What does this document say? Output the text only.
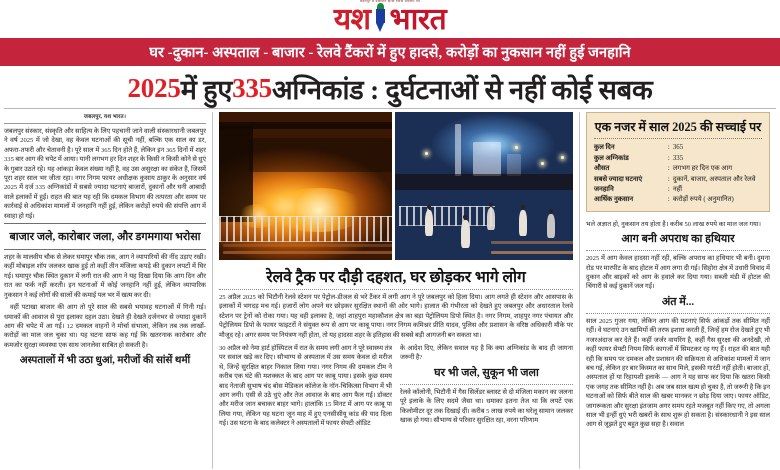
जबलपुर से प्रकाशित हिन्दी दैनिक समाचार पत्र
यश भारत
घर -दुकान- अस्पताल - बाजार - रेलवे टैंकरों में हुए हादसे, करोड़ों का नुकसान नहीं हुई जनहानि
2025 में हुए 335 अग्निकांड : दुर्घटनाओं से नहीं कोई सबक
जबलपुर, यश भारत।

जबलपुर संस्कार, संस्कृति और साहित्य के लिए पहचानी जाने वाली संस्कारधानी जबलपुर ने वर्ष 2025 में जो देखा, वह केवल घटनाओं की सूची नहीं, बल्कि एक साल का डर, अफरा-तफरी और चेतावनी है। पूरे साल में 365 दिन होते हैं, लेकिन इन 365 दिनों में शहर 335 बार आग की चपेट में आया। यानी लगभग हर दिन शहर के किसी न किसी कोने से धुएं के गुबार उठते रहे। यह आंकड़ा केवल संख्या नहीं है, वह उस असुरक्षा का संकेत है, जिसमें पूरा शहर साल भर जीता रहा। नगर निगम फायर अधीक्षक कुसाय ठाकुर के अनुसार वर्ष 2025 में दर्ज 335 अग्निकांडों में सबसे ज्यादा घटनाएं बाजारों, दुकानों और घनी आबादी वाले इलाकों में हुईं। राहत की बात यह रही कि दमकल विभाग की तत्परता और समय पर कार्रवाई से अधिकांश मामलों में जनहानि नहीं हुई, लेकिन करोड़ों रुपये की संपत्ति आग में स्वाहा हो गई।

बाजार जले, कारोबार जला, और डगमगाया भरोसा

शहर के मालवीय चौक से लेकर घमापुर चौक तक, आग ने व्यापारियों की नींद उड़ाए रखी। कहीं मोबाइल शॉप जलकर खाक हुई तो कहीं तीन मंजिला कपड़े की दुकान लपटों में घिर गई। घमापुर चौक स्थित दुकान में लगी रात की आग ने यह दिखा दिया कि आग दिन और रात का फर्क नहीं करती। इन घटनाओं में कोई जनहानि नहीं हुई, लेकिन व्यापारिक नुकसान ने कई लोगों की सालों की कमाई पल भर में खत्म कर दी।

वहीं पटाखा बाजार की आग तो पूरे साल की सबसे भयावह घटनाओं में गिनी गई। धमाकों की आवाज से पूरा इलाका दहल उठा। देखते ही देखते दर्जनभर से ज्यादा दुकानें आग की चपेट में आ गईं। 12 दमकल वाहनों ने मोर्चा संभाला, लेकिन तब तक लाखों-करोड़ों का माल जल चुका था। यह घटना साफ कह गई कि खतरनाक कारोबार और कमजोर सुरक्षा व्यवस्था एक साथ जानलेवा साबित हो सकती है।

अस्पतालों में भी उठा धुआं, मरीजों की सांसें थमीं
रेलवे ट्रैक पर दौड़ी दहशत, घर छोड़कर भागे लोग

25 अप्रैल 2025 को भिटौनी रेलवे स्टेशन पर पेट्रोल-डीजल से भरे टैंकर में लगी आग ने पूरे जबलपुर को हिला दिया। आग लगते ही स्टेशन और आसपास के इलाकों में भगदड़ मच गई। हजारों लोग अपने घर छोड़कर सुरक्षित स्थानों की ओर भागे। हालात की गंभीरता को देखते हुए जबलपुर और अधारताल रेलवे स्टेशन पर ट्रेनों को रोका गया। यह वही इलाका है, जहां शाहपुरा महाकौशल क्षेत्र का बड़ा पेट्रोलियम डिपो स्थित है। नगर निगम, शाहपुर नगर पंचायत और पेट्रोलियम डिपो के फायर फाइटरों ने संयुक्त रूप से आग पर काबू पाया। नगर निगम कमिश्नर प्रीति यादव, पुलिस और प्रशासन के वरिष्ठ अधिकारी मौके पर मौजूद रहे। अगर समय पर नियंत्रण नहीं होता, तो यह हादसा शहर के इतिहास की सबसे बड़ी आगजनी बन सकता था।

30 अप्रैल को नेमा हार्ट हॉस्पिटल में रात के समय लगी आग ने पूरे स्वास्थ्य तंत्र पर सवाल खड़े कर दिए। सौभाग्य से अस्पताल में उस समय केवल दो मरीज थे, जिन्हें सुरक्षित बाहर निकाल लिया गया। नगर निगम की दमकल टीम ने करीब एक घंटे की मशक्कत के बाद आग पर काबू पाया। इसके कुछ समय बाद नेताजी सुभाष चंद बोस मेडिकल कॉलेज के नॉन-चिकित्सा विभाग में भी आग लगी। एसी से उठे धुएं और तेज आवाज के बाद आग फैल गई। डॉक्टर और मरीज जान बचाकर बाहर भागे। हालांकि 15 मिनट में आग पर काबू पा लिया गया, लेकिन यह घटना जून माह में हुए एनसीसीयू कांड की याद दिला गई। उस घटना के बाद कलेक्टर ने अस्पतालों में फायर सेफ्टी ऑडिट

के आदेश दिए, लेकिन सवाल यह है कि क्या अग्निकांड के बाद ही जागना जरूरी है?

घर भी जले, सुकून भी जला

रेलवे कॉलोनी, भिटौनी में गैस सिलेंडर ब्लास्ट से दो मंजिला मकान का जलना पूरे इलाके के लिए सदमे जैसा था। धमाका इतना तेज था कि लपटें एक किलोमीटर दूर तक दिखाई दीं। करीब 5 लाख रुपये का घरेलू सामान जलकर खाक हो गया। सौभाग्य से परिवार सुरक्षित रहा, वरना परिणाम

एक नजर में साल 2025 की सच्चाई पर
कुल दिन	:	365
कुल अग्निकांड	:	335
औसत	:	लगभग हर दिन एक आग
सबसे ज्यादा घटनाएं	:	दुकानें, बाजार, अस्पताल और रेलवे
जनहानि	:	नहीं
आर्थिक नुकसान	:	करोड़ों रुपये ( अनुमानित)
भले अज्ञात हो, नुकसान तय होता है। करीब 50 लाख रुपये का माल जल गया।
आग बनी अपराध का हथियार

2025 में आग केवल हादसा नहीं रही, बल्कि अपराध का हथियार भी बनी। दुमना रोड पर मारपीट के बाद होटल में आग लगा दी गई। सिहोरा क्षेत्र में उधारी विवाद में दुकान और बाइकों को आग के हवाले कर दिया गया। सब्जी मंडी में होटल की चिंगारी से कई दुकानें जल गईं।

अंत में...

साल 2025 गुजर गया, लेकिन आग की घटनाएं सिर्फ आंकड़ों तक सीमित नहीं रहीं। वे घटनाएं उन खामियों की तरफ इशारा करती हैं, जिन्हें हम रोज देखते हुए भी नजरअंदाज कर देते हैं। कहीं जर्जर वायरिंग है, कहीं गैस सुरक्षा की अनदेखी, तो कहीं फायर सेफ्टी नियम सिर्फ कागजों में सिमटकर रह गए हैं। राहत की बात यही रही कि समय पर दमकल और प्रशासन की सक्रियता से अधिकांश मामलों में जान बच गई, लेकिन हर बार किस्मत का साथ मिले, इसकी गारंटी नहीं होती। बाजार हों, अस्पताल हों या रिहायशी इलाके — आग ने यह साफ कर दिया कि खतरा किसी एक जगह तक सीमित नहीं है। अब जब साल खत्म हो चुका है, तो जरूरी है कि इन घटनाओं को सिर्फ बीते साल की खबर मानकर न छोड़ दिया जाए। फायर ऑडिट, जागरूकता और सुरक्षा इंतजाम अगर समय रहते मजबूत नहीं किए गए, तो अगला साल भी इन्हीं धुएं भरी खबरों के साथ शुरू हो सकता है। संस्कारधानी ने इस साल आग से जूझते हुए बहुत कुछ सहा है। सवाल
